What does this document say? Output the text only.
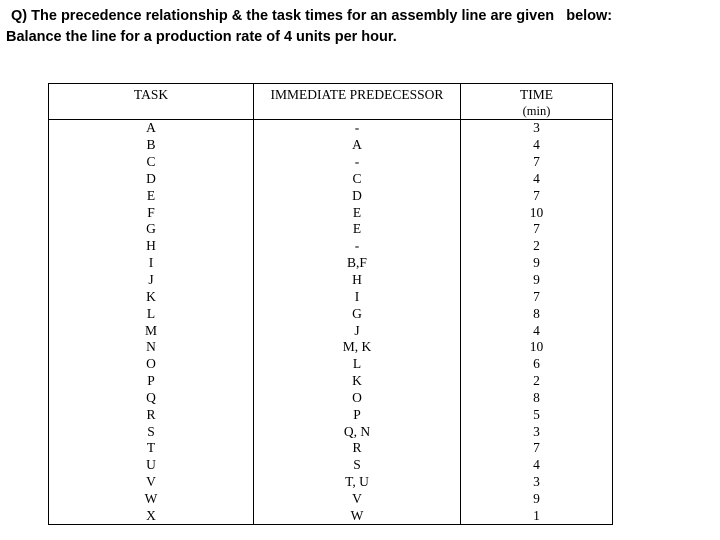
Q) The precedence relationship & the task times for an assembly line are given   below:
Balance the line for a production rate of 4 units per hour.
TASK	IMMEDIATE PREDECESSOR	TIME
(min)

A	-	3
B	A	4
C	-	7
D	C	4
E	D	7
F	E	10
G	E	7
H	-	2
I	B,F	9
J	H	9
K	I	7
L	G	8
M	J	4
N	M, K	10
O	L	6
P	K	2
Q	O	8
R	P	5
S	Q, N	3
T	R	7
U	S	4
V	T, U	3
W	V	9
X	W	1
